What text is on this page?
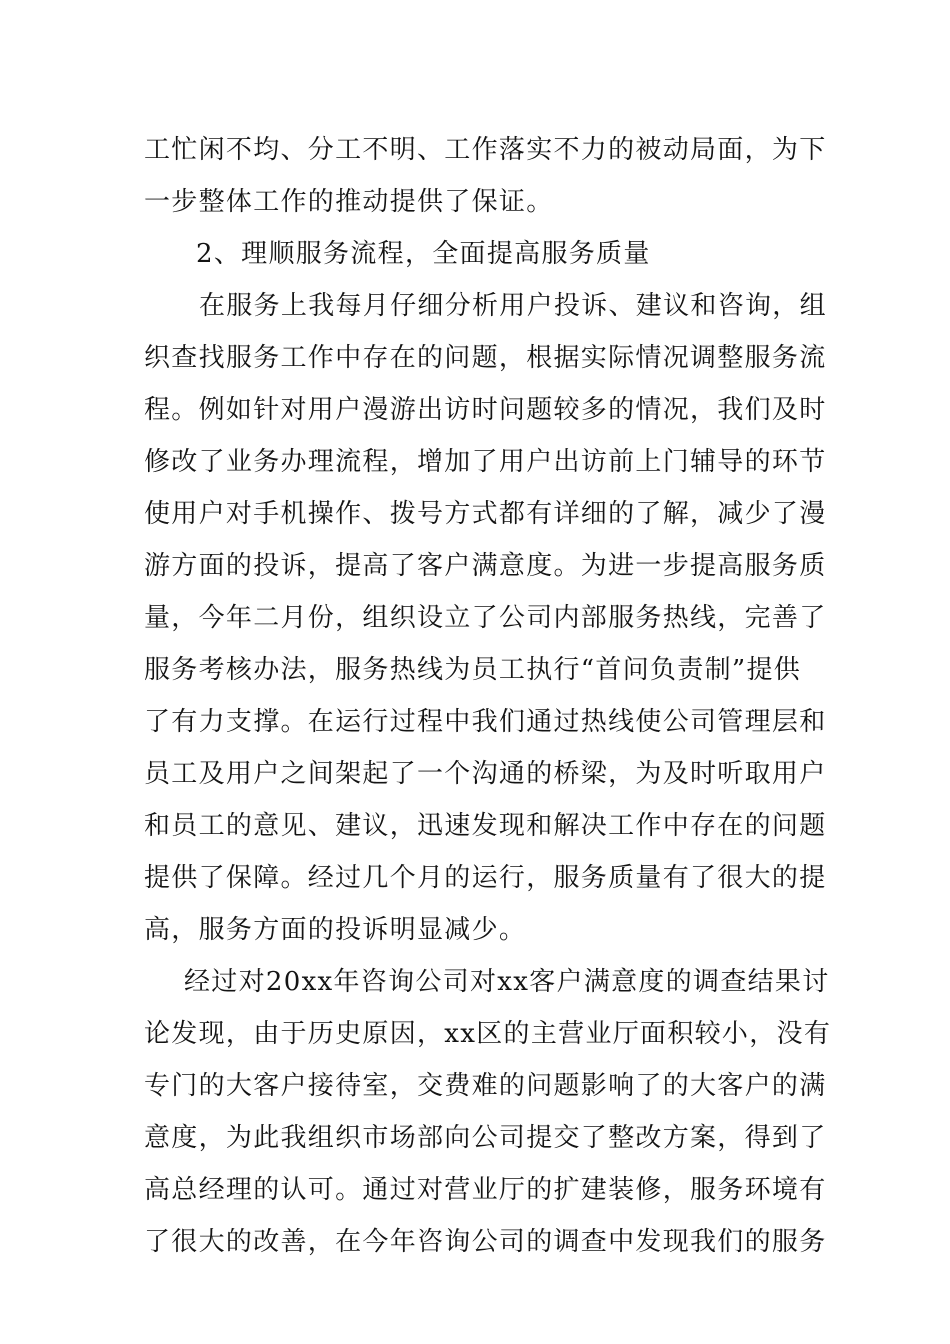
工忙闲不均、分工不明、工作落实不力的被动局面，为下
一步整体工作的推动提供了保证。
2、理顺服务流程，全面提高服务质量
在服务上我每月仔细分析用户投诉、建议和咨询，组
织查找服务工作中存在的问题，根据实际情况调整服务流
程。例如针对用户漫游出访时问题较多的情况，我们及时
修改了业务办理流程，增加了用户出访前上门辅导的环节
使用户对手机操作、拨号方式都有详细的了解，减少了漫
游方面的投诉，提高了客户满意度。为进一步提高服务质
量，今年二月份，组织设立了公司内部服务热线，完善了
服务考核办法，服务热线为员工执行“首问负责制”提供
了有力支撑。在运行过程中我们通过热线使公司管理层和
员工及用户之间架起了一个沟通的桥梁，为及时听取用户
和员工的意见、建议，迅速发现和解决工作中存在的问题
提供了保障。经过几个月的运行，服务质量有了很大的提
高，服务方面的投诉明显减少。
经过对20xx年咨询公司对xx客户满意度的调查结果讨
论发现，由于历史原因，xx区的主营业厅面积较小，没有
专门的大客户接待室，交费难的问题影响了的大客户的满
意度，为此我组织市场部向公司提交了整改方案，得到了
高总经理的认可。通过对营业厅的扩建装修，服务环境有
了很大的改善，在今年咨询公司的调查中发现我们的服务
